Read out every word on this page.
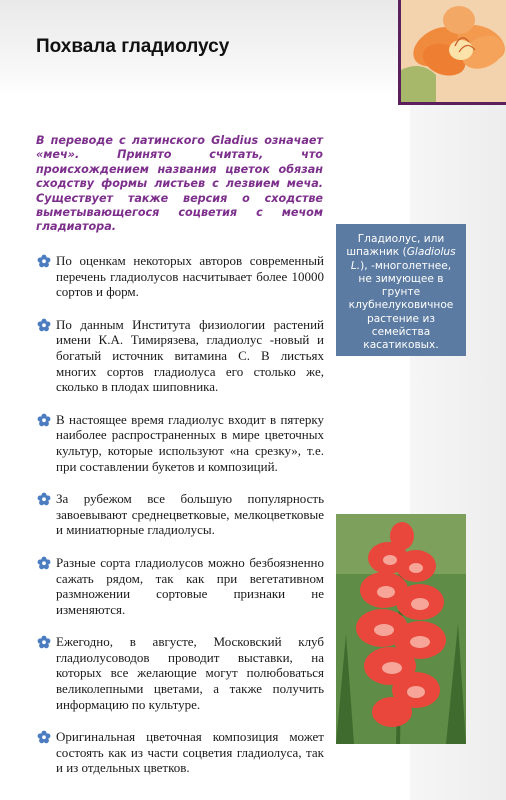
Похвала гладиолусу

В переводе с латинского Gladius означает «меч». Принято считать, что происхождением названия цветок обязан сходству формы листьев с лезвием меча. Существует также версия о сходстве выметывающегося соцветия с мечом гладиатора.

Гладиолус, или шпажник (Gladiolus L.), -многолетнее, не зимующее в грунте клубнелуковичное растение из семейства касатиковых.

По оценкам некоторых авторов современный перечень гладиолусов насчитывает более 10000 сортов и форм.
По данным Института физиологии растений имени К.А. Тимирязева, гладиолус -новый и богатый источник витамина С. В листьях многих сортов гладиолуса его столько же, сколько в плодах шиповника.
В настоящее время гладиолус входит в пятерку наиболее распространенных в мире цветочных культур, которые используют «на срезку», т.е. при составлении букетов и композиций.
За рубежом все большую популярность завоевывают среднецветковые, мелкоцветковые и миниатюрные гладиолусы.
Разные сорта гладиолусов можно безбоязненно сажать рядом, так как при вегетативном размножении сортовые признаки не изменяются.
Ежегодно, в августе, Московский клуб гладиолусоводов проводит выставки, на которых все желающие могут полюбоваться великолепными цветами, а также получить информацию по культуре.
Оригинальная цветочная композиция может состоять как из части соцветия гладиолуса, так и из отдельных цветков.
